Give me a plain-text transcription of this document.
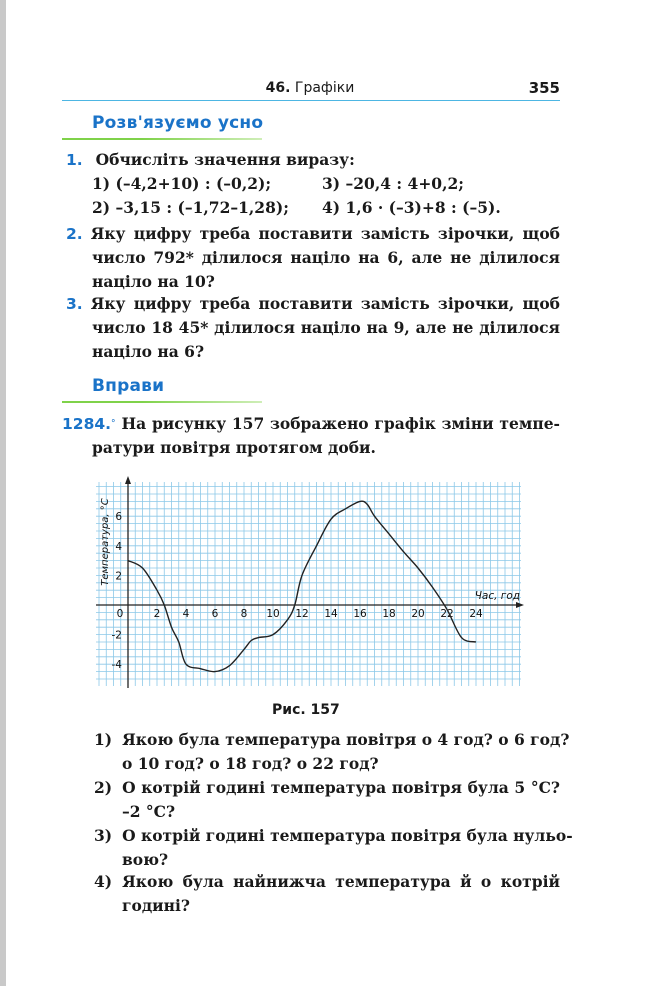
46. Графіки	355
Розв'язуємо усно
1. Обчисліть значення виразу:
1) (–4,2+10) : (–0,2);	3) –20,4 : 4+0,2;
2) –3,15 : (–1,72–1,28); 4) 1,6 · (–3)+8 : (–5).
2. Яку цифру треба поставити замість зірочки, щоб
число 792* ділилося націло на 6, але не ділилося
націло на 10?
3. Яку цифру треба поставити замість зірочки, щоб
число 18 45* ділилося націло на 9, але не ділилося
націло на 6?
Вправи
1284. ° На рисунку 157 зображено графік зміни темпе-
ратури повітря протягом доби.
0	2 4 6 8 10 12 14 16 18 20 22 24
6
4
2
-2
-4
Час, год
Температура, °С
Рис. 157
1) Якою була температура повітря о 4 год? о 6 год?
о 10 год? о 18 год? о 22 год?
2) О котрій годині температура повітря була 5 °С?
–2 °С?
3) О котрій годині температура повітря була нульо-
вою?
4) Якою була найнижча температура й о котрій
годині?
